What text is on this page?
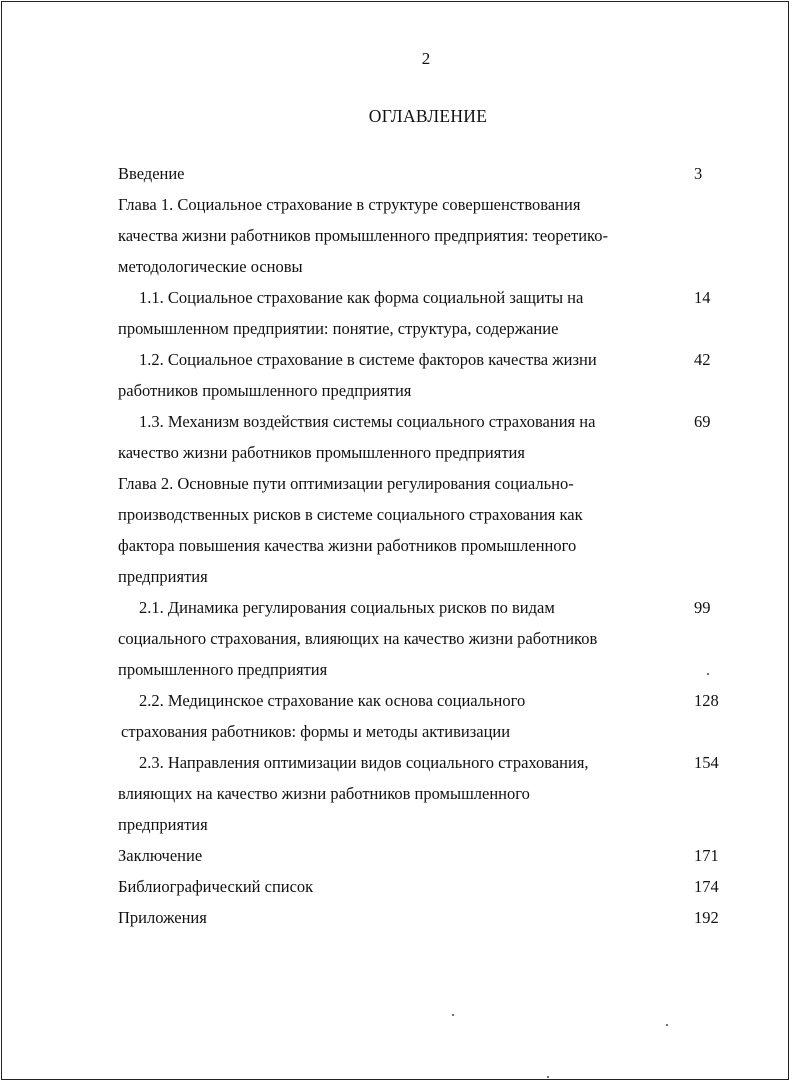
2
ОГЛАВЛЕНИЕ
Введение	3
Глава 1. Социальное страхование в структуре совершенствования
качества жизни работников промышленного предприятия: теоретико-
методологические основы
1.1. Социальное страхование как форма социальной защиты на	14
промышленном предприятии: понятие, структура, содержание
1.2. Социальное страхование в системе факторов качества жизни	42
работников промышленного предприятия
1.3. Механизм воздействия системы социального страхования на	69
качество жизни работников промышленного предприятия
Глава 2. Основные пути оптимизации регулирования социально-
производственных рисков в системе социального страхования как
фактора повышения качества жизни работников промышленного
предприятия
2.1. Динамика регулирования социальных рисков по видам	99
социального страхования, влияющих на качество жизни работников
промышленного предприятия
2.2. Медицинское страхование как основа социального	128
страхования работников: формы и методы активизации
2.3. Направления оптимизации видов социального страхования,	154
влияющих на качество жизни работников промышленного
предприятия
Заключение	171
Библиографический список	174
Приложения	192
